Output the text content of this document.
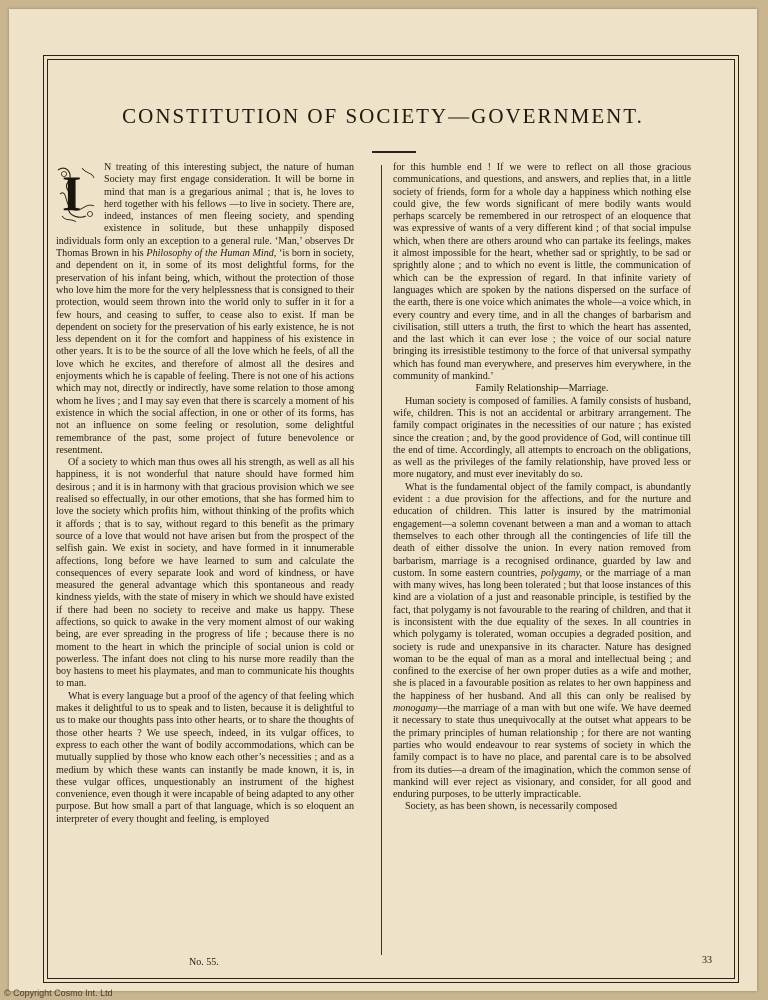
CONSTITUTION OF SOCIETY—GOVERNMENT.

I N treating of this interesting subject, the nature of human Society may first engage consideration. It will be borne in mind that man is a gregarious animal ; that is, he loves to herd together with his fellows —to live in society. There are, indeed, instances of men fleeing society, and spending existence in solitude, but these unhappily disposed individuals form only an exception to a general rule. ‘Man,’ observes Dr Thomas Brown in his Philosophy of the Human Mind, ‘is born in society, and dependent on it, in some of its most delightful forms, for the preservation of his infant being, which, without the protection of those who love him the more for the very helplessness that is consigned to their protection, would seem thrown into the world only to suffer in it for a few hours, and ceasing to suffer, to cease also to exist. If man be dependent on society for the preservation of his early existence, he is not less dependent on it for the comfort and happiness of his existence in other years. It is to be the source of all the love which he feels, of all the love which he excites, and therefore of almost all the desires and enjoyments which he is capable of feeling. There is not one of his actions which may not, directly or indirectly, have some relation to those among whom he lives ; and I may say even that there is scarcely a moment of his existence in which the social affection, in one or other of its forms, has not an influence on some feeling or resolution, some delightful remembrance of the past, some project of future benevolence or resentment.

Of a society to which man thus owes all his strength, as well as all his happiness, it is not wonderful that nature should have formed him desirous ; and it is in harmony with that gracious provision which we see realised so effectually, in our other emotions, that she has formed him to love the society which profits him, without thinking of the profits which it affords ; that is to say, without regard to this benefit as the primary source of a love that would not have arisen but from the prospect of the selfish gain. We exist in society, and have formed in it innumerable affections, long before we have learned to sum and calculate the consequences of every separate look and word of kindness, or have measured the general advantage which this spontaneous and ready kindness yields, with the state of misery in which we should have existed if there had been no society to receive and make us happy. These affections, so quick to awake in the very moment almost of our waking being, are ever spreading in the progress of life ; because there is no moment to the heart in which the principle of social union is cold or powerless. The infant does not cling to his nurse more readily than the boy hastens to meet his playmates, and man to communicate his thoughts to man.

What is every language but a proof of the agency of that feeling which makes it delightful to us to speak and to listen, because it is delightful to us to make our thoughts pass into other hearts, or to share the thoughts of those other hearts ? We use speech, indeed, in its vulgar offices, to express to each other the want of bodily accommodations, which can be mutually supplied by those who know each other’s necessities ; and as a medium by which these wants can instantly be made known, it is, in these vulgar offices, unquestionably an instrument of the highest convenience, even though it were incapable of being adapted to any other purpose. But how small a part of that language, which is so eloquent an interpreter of every thought and feeling, is employed

for this humble end ! If we were to reflect on all those gracious communications, and questions, and answers, and replies that, in a little society of friends, form for a whole day a happiness which nothing else could give, the few words significant of mere bodily wants would perhaps scarcely be remembered in our retrospect of an eloquence that was expressive of wants of a very different kind ; of that social impulse which, when there are others around who can partake its feelings, makes it almost impossible for the heart, whether sad or sprightly, to be sad or sprightly alone ; and to which no event is little, the communication of which can be the expression of regard. In that infinite variety of languages which are spoken by the nations dispersed on the surface of the earth, there is one voice which animates the whole—a voice which, in every country and every time, and in all the changes of barbarism and civilisation, still utters a truth, the first to which the heart has assented, and the last which it can ever lose ; the voice of our social nature bringing its irresistible testimony to the force of that universal sympathy which has found man everywhere, and preserves him everywhere, in the community of mankind.’

Family Relationship—Marriage.

Human society is composed of families. A family consists of husband, wife, children. This is not an accidental or arbitrary arrangement. The family compact originates in the necessities of our nature ; has existed since the creation ; and, by the good providence of God, will continue till the end of time. Accordingly, all attempts to encroach on the obligations, as well as the privileges of the family relationship, have proved less or more nugatory, and must ever inevitably do so.

What is the fundamental object of the family compact, is abundantly evident : a due provision for the affections, and for the nurture and education of children. This latter is insured by the matrimonial engagement—a solemn covenant between a man and a woman to attach themselves to each other through all the contingencies of life till the death of either dissolve the union. In every nation removed from barbarism, marriage is a recognised ordinance, guarded by law and custom. In some eastern countries, polygamy, or the marriage of a man with many wives, has long been tolerated ; but that loose instances of this kind are a violation of a just and reasonable principle, is testified by the fact, that polygamy is not favourable to the rearing of children, and that it is inconsistent with the due equality of the sexes. In all countries in which polygamy is tolerated, woman occupies a degraded position, and society is rude and unexpansive in its character. Nature has designed woman to be the equal of man as a moral and intellectual being ; and confined to the exercise of her own proper duties as a wife and mother, she is placed in a favourable position as relates to her own happiness and the happiness of her husband. And all this can only be realised by monogamy—the marriage of a man with but one wife. We have deemed it necessary to state thus unequivocally at the outset what appears to be the primary principles of human relationship ; for there are not wanting parties who would endeavour to rear systems of society in which the family compact is to have no place, and parental care is to be absolved from its duties—a dream of the imagination, which the common sense of mankind will ever reject as visionary, and consider, for all good and enduring purposes, to be utterly impracticable.

Society, as has been shown, is necessarily composed

No. 55.	33
© Copyright Cosmo Int. Ltd
